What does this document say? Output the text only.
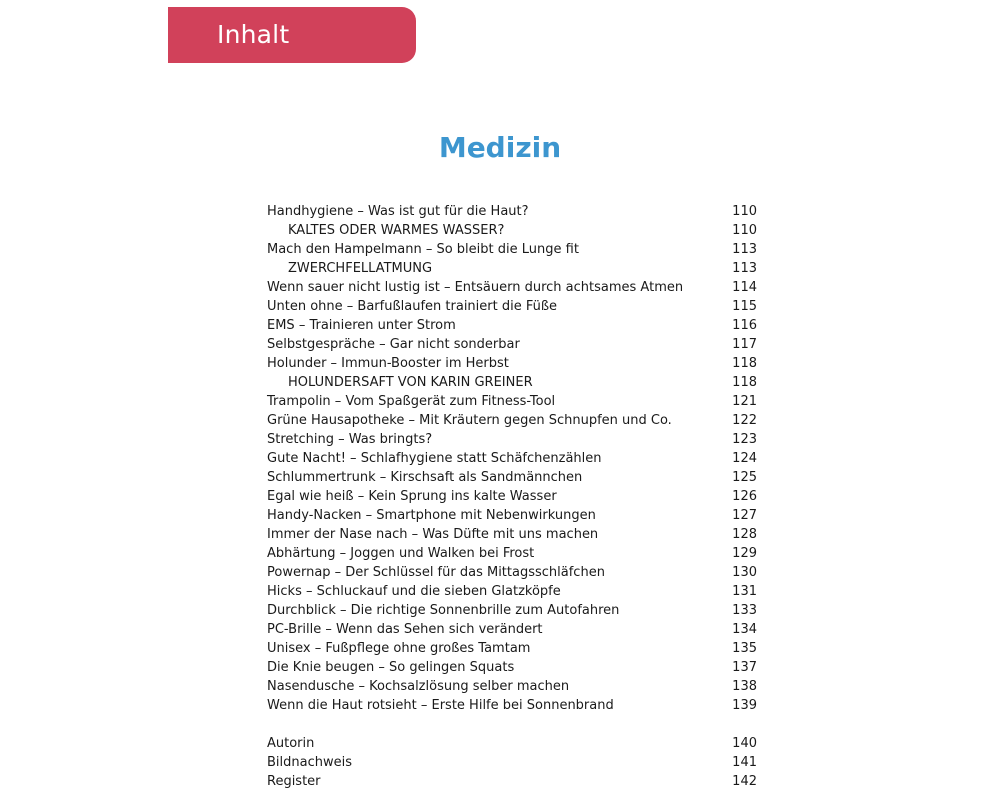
Inhalt
Medizin
Handhygiene – Was ist gut für die Haut?	110
KALTES ODER WARMES WASSER?	110
Mach den Hampelmann – So bleibt die Lunge fit	113
ZWERCHFELLATMUNG	113
Wenn sauer nicht lustig ist – Entsäuern durch achtsames Atmen	114
Unten ohne – Barfußlaufen trainiert die Füße	115
EMS – Trainieren unter Strom	116
Selbstgespräche – Gar nicht sonderbar	117
Holunder – Immun-Booster im Herbst	118
HOLUNDERSAFT VON KARIN GREINER	118
Trampolin – Vom Spaßgerät zum Fitness-Tool	121
Grüne Hausapotheke – Mit Kräutern gegen Schnupfen und Co.	122
Stretching – Was bringts?	123
Gute Nacht! – Schlafhygiene statt Schäfchenzählen	124
Schlummertrunk – Kirschsaft als Sandmännchen	125
Egal wie heiß – Kein Sprung ins kalte Wasser	126
Handy-Nacken – Smartphone mit Nebenwirkungen	127
Immer der Nase nach – Was Düfte mit uns machen	128
Abhärtung – Joggen und Walken bei Frost	129
Powernap – Der Schlüssel für das Mittagsschläfchen	130
Hicks – Schluckauf und die sieben Glatzköpfe	131
Durchblick – Die richtige Sonnenbrille zum Autofahren	133
PC-Brille – Wenn das Sehen sich verändert	134
Unisex – Fußpflege ohne großes Tamtam	135
Die Knie beugen – So gelingen Squats	137
Nasendusche – Kochsalzlösung selber machen	138
Wenn die Haut rotsieht – Erste Hilfe bei Sonnenbrand	139
Autorin	140
Bildnachweis	141
Register	142
